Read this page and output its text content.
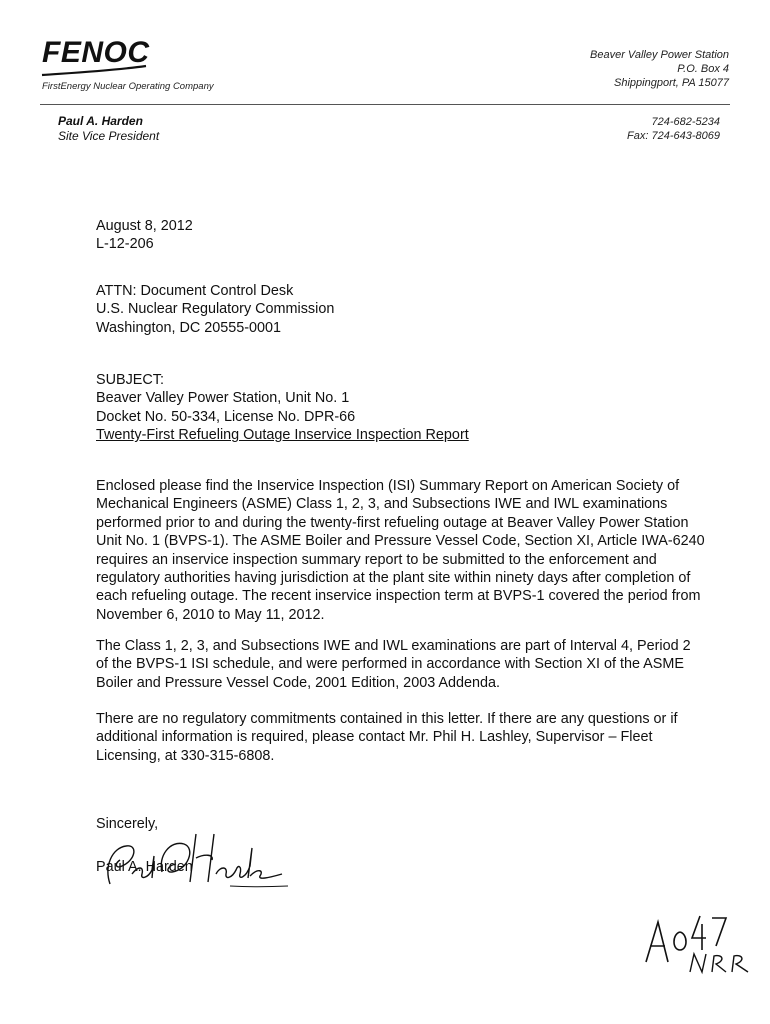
FENOC
FirstEnergy Nuclear Operating Company
Beaver Valley Power Station
P.O. Box 4
Shippingport, PA 15077
Paul A. Harden
Site Vice President
724-682-5234
Fax: 724-643-8069
August 8, 2012
L-12-206
ATTN: Document Control Desk
U.S. Nuclear Regulatory Commission
Washington, DC 20555-0001
SUBJECT:
Beaver Valley Power Station, Unit No. 1
Docket No. 50-334, License No. DPR-66
Twenty-First Refueling Outage Inservice Inspection Report
Enclosed please find the Inservice Inspection (ISI) Summary Report on American Society of Mechanical Engineers (ASME) Class 1, 2, 3, and Subsections IWE and IWL examinations performed prior to and during the twenty-first refueling outage at Beaver Valley Power Station Unit No. 1 (BVPS-1). The ASME Boiler and Pressure Vessel Code, Section XI, Article IWA-6240 requires an inservice inspection summary report to be submitted to the enforcement and regulatory authorities having jurisdiction at the plant site within ninety days after completion of each refueling outage. The recent inservice inspection term at BVPS-1 covered the period from November 6, 2010 to May 11, 2012.
The Class 1, 2, 3, and Subsections IWE and IWL examinations are part of Interval 4, Period 2 of the BVPS-1 ISI schedule, and were performed in accordance with Section XI of the ASME Boiler and Pressure Vessel Code, 2001 Edition, 2003 Addenda.
There are no regulatory commitments contained in this letter. If there are any questions or if additional information is required, please contact Mr. Phil H. Lashley, Supervisor – Fleet Licensing, at 330-315-6808.
Sincerely,
Paul A. Harden
